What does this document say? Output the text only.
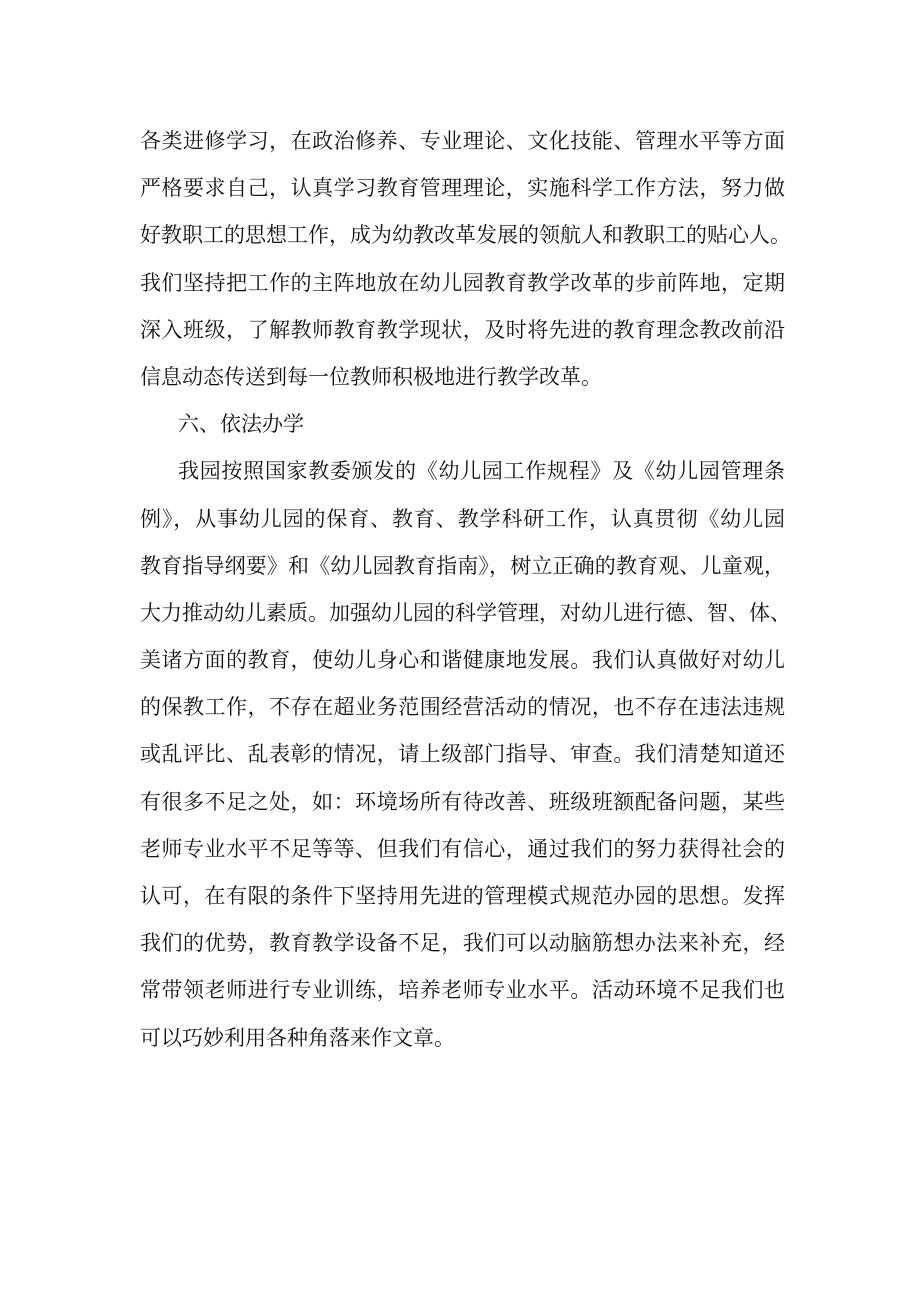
各类进修学习，在政治修养、专业理论、文化技能、管理水平等方面
严格要求自己，认真学习教育管理理论，实施科学工作方法，努力做
好教职工的思想工作，成为幼教改革发展的领航人和教职工的贴心人。
我们坚持把工作的主阵地放在幼儿园教育教学改革的步前阵地，定期
深入班级，了解教师教育教学现状，及时将先进的教育理念教改前沿
信息动态传送到每一位教师积极地进行教学改革。
六、依法办学
我园按照国家教委颁发的《幼儿园工作规程》及《幼儿园管理条
例》，从事幼儿园的保育、教育、教学科研工作，认真贯彻《幼儿园
教育指导纲要》和《幼儿园教育指南》，树立正确的教育观、儿童观，
大力推动幼儿素质。加强幼儿园的科学管理，对幼儿进行德、智、体、
美诸方面的教育，使幼儿身心和谐健康地发展。我们认真做好对幼儿
的保教工作，不存在超业务范围经营活动的情况，也不存在违法违规
或乱评比、乱表彰的情况，请上级部门指导、审查。我们清楚知道还
有很多不足之处，如：环境场所有待改善、班级班额配备问题，某些
老师专业水平不足等等、但我们有信心，通过我们的努力获得社会的
认可，在有限的条件下坚持用先进的管理模式规范办园的思想。发挥
我们的优势，教育教学设备不足，我们可以动脑筋想办法来补充，经
常带领老师进行专业训练，培养老师专业水平。活动环境不足我们也
可以巧妙利用各种角落来作文章。
